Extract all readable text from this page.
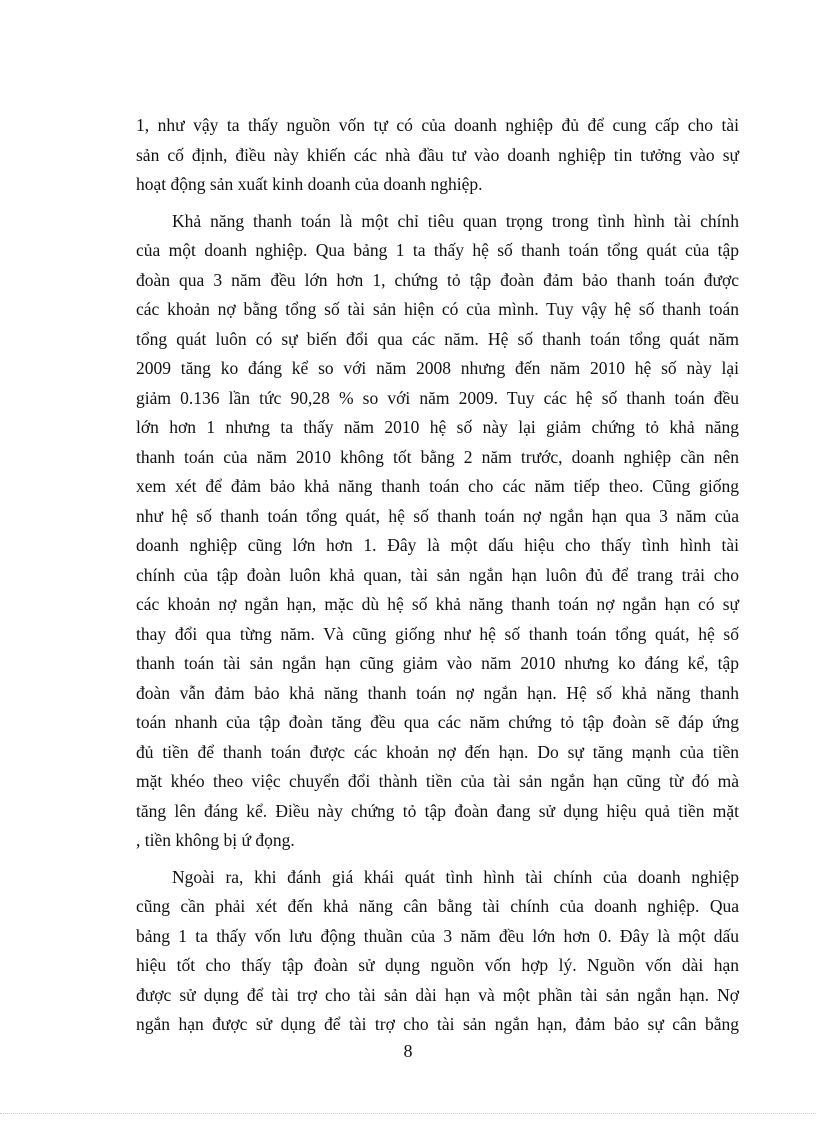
1, như vậy ta thấy nguồn vốn tự có của doanh nghiệp đủ để cung cấp cho tài
sản cố định, điều này khiến các nhà đầu tư vào doanh nghiệp tin tưởng vào sự
hoạt động sản xuất kinh doanh của doanh nghiệp.

Khả năng thanh toán là một chỉ tiêu quan trọng trong tình hình tài chính
của một doanh nghiệp. Qua bảng 1 ta thấy hệ số thanh toán tổng quát của tập
đoàn qua 3 năm đều lớn hơn 1, chứng tỏ tập đoàn đảm bảo thanh toán được
các khoản nợ bằng tổng số tài sản hiện có của mình. Tuy vậy hệ số thanh toán
tổng quát luôn có sự biến đổi qua các năm. Hệ số thanh toán tổng quát năm
2009 tăng ko đáng kể so với năm 2008 nhưng đến năm 2010 hệ số này lại
giảm 0.136 lần tức 90,28 % so với năm 2009. Tuy các hệ số thanh toán đều
lớn hơn 1 nhưng ta thấy năm 2010 hệ số này lại giảm chứng tỏ khả năng
thanh toán của năm 2010 không tốt bằng 2 năm trước, doanh nghiệp cần nên
xem xét để đảm bảo khả năng thanh toán cho các năm tiếp theo. Cũng giống
như hệ số thanh toán tổng quát, hệ số thanh toán nợ ngắn hạn qua 3 năm của
doanh nghiệp cũng lớn hơn 1. Đây là một dấu hiệu cho thấy tình hình tài
chính của tập đoàn luôn khả quan, tài sản ngắn hạn luôn đủ để trang trải cho
các khoản nợ ngắn hạn, mặc dù hệ số khả năng thanh toán nợ ngắn hạn có sự
thay đổi qua từng năm. Và cũng giống như hệ số thanh toán tổng quát, hệ số
thanh toán tài sản ngắn hạn cũng giảm vào năm 2010 nhưng ko đáng kể, tập
đoàn vẫn đảm bảo khả năng thanh toán nợ ngắn hạn. Hệ số khả năng thanh
toán nhanh của tập đoàn tăng đều qua các năm chứng tỏ tập đoàn sẽ đáp ứng
đủ tiền để thanh toán được các khoản nợ đến hạn. Do sự tăng mạnh của tiền
mặt khéo theo việc chuyển đổi thành tiền của tài sản ngắn hạn cũng từ đó mà
tăng lên đáng kể. Điều này chứng tỏ tập đoàn đang sử dụng hiệu quả tiền mặt
, tiền không bị ứ đọng.

Ngoài ra, khi đánh giá khái quát tình hình tài chính của doanh nghiệp
cũng cần phải xét đến khả năng cân bằng tài chính của doanh nghiệp. Qua
bảng 1 ta thấy vốn lưu động thuần của 3 năm đều lớn hơn 0. Đây là một dấu
hiệu tốt cho thấy tập đoàn sử dụng nguồn vốn hợp lý. Nguồn vốn dài hạn
được sử dụng để tài trợ cho tài sản dài hạn và một phần tài sản ngắn hạn. Nợ
ngắn hạn được sử dụng để tài trợ cho tài sản ngắn hạn, đảm bảo sự cân bằng

8
